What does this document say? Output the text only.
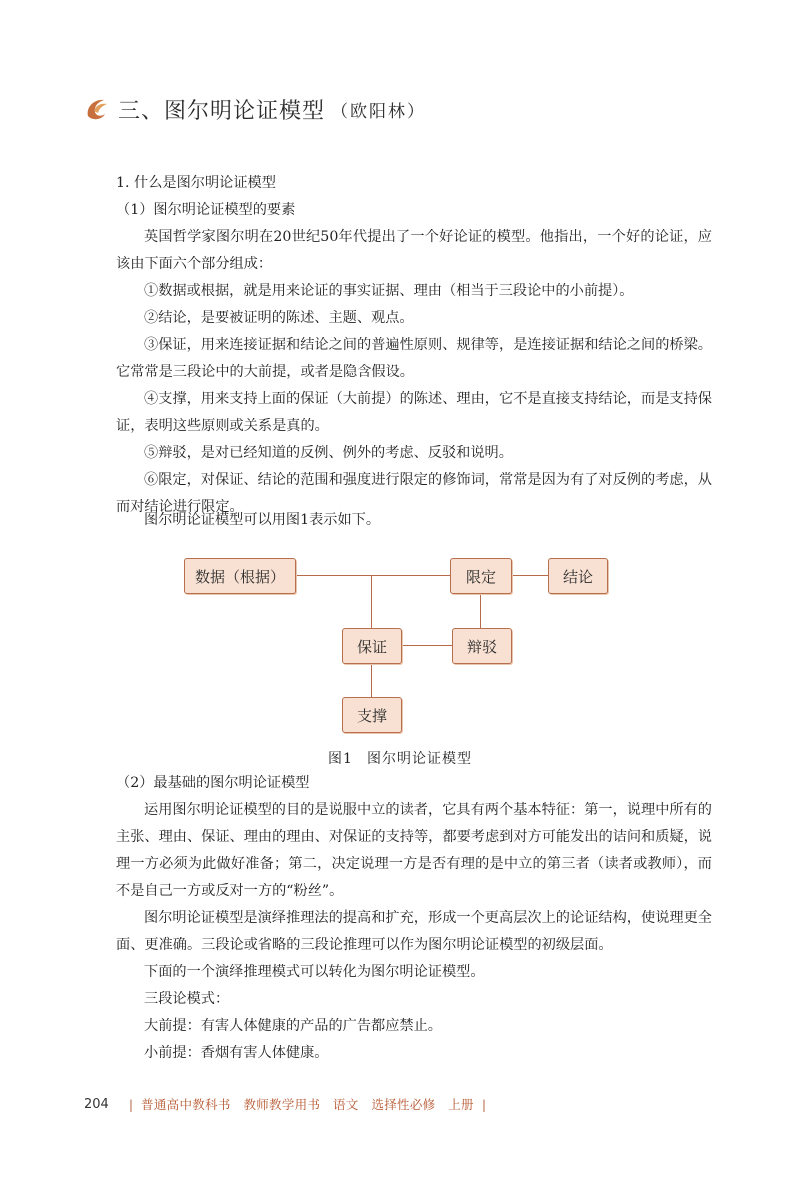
三、图尔明论证模型 （欧阳林）

1. 什么是图尔明论证模型

（1）图尔明论证模型的要素

英国哲学家图尔明在20世纪50年代提出了一个好论证的模型。他指出，一个好的论证，应该由下面六个部分组成：

①数据或根据，就是用来论证的事实证据、理由（相当于三段论中的小前提）。

②结论，是要被证明的陈述、主题、观点。

③保证，用来连接证据和结论之间的普遍性原则、规律等，是连接证据和结论之间的桥梁。它常常是三段论中的大前提，或者是隐含假设。

④支撑，用来支持上面的保证（大前提）的陈述、理由，它不是直接支持结论，而是支持保证，表明这些原则或关系是真的。

⑤辩驳，是对已经知道的反例、例外的考虑、反驳和说明。

⑥限定，对保证、结论的范围和强度进行限定的修饰词，常常是因为有了对反例的考虑，从而对结论进行限定。

图尔明论证模型可以用图1表示如下。

数据（根据）	限定	结论
保证	辩驳
支撑
图1 图尔明论证模型

（2）最基础的图尔明论证模型

运用图尔明论证模型的目的是说服中立的读者，它具有两个基本特征：第一，说理中所有的主张、理由、保证、理由的理由、对保证的支持等，都要考虑到对方可能发出的诘问和质疑，说理一方必须为此做好准备；第二，决定说理一方是否有理的是中立的第三者（读者或教师），而不是自己一方或反对一方的“粉丝”。

图尔明论证模型是演绎推理法的提高和扩充，形成一个更高层次上的论证结构，使说理更全面、更准确。三段论或省略的三段论推理可以作为图尔明论证模型的初级层面。

下面的一个演绎推理模式可以转化为图尔明论证模型。

三段论模式：

大前提：有害人体健康的产品的广告都应禁止。

小前提：香烟有害人体健康。

204 | 普通高中教科书　教师教学用书　语文　选择性必修　上册 |
